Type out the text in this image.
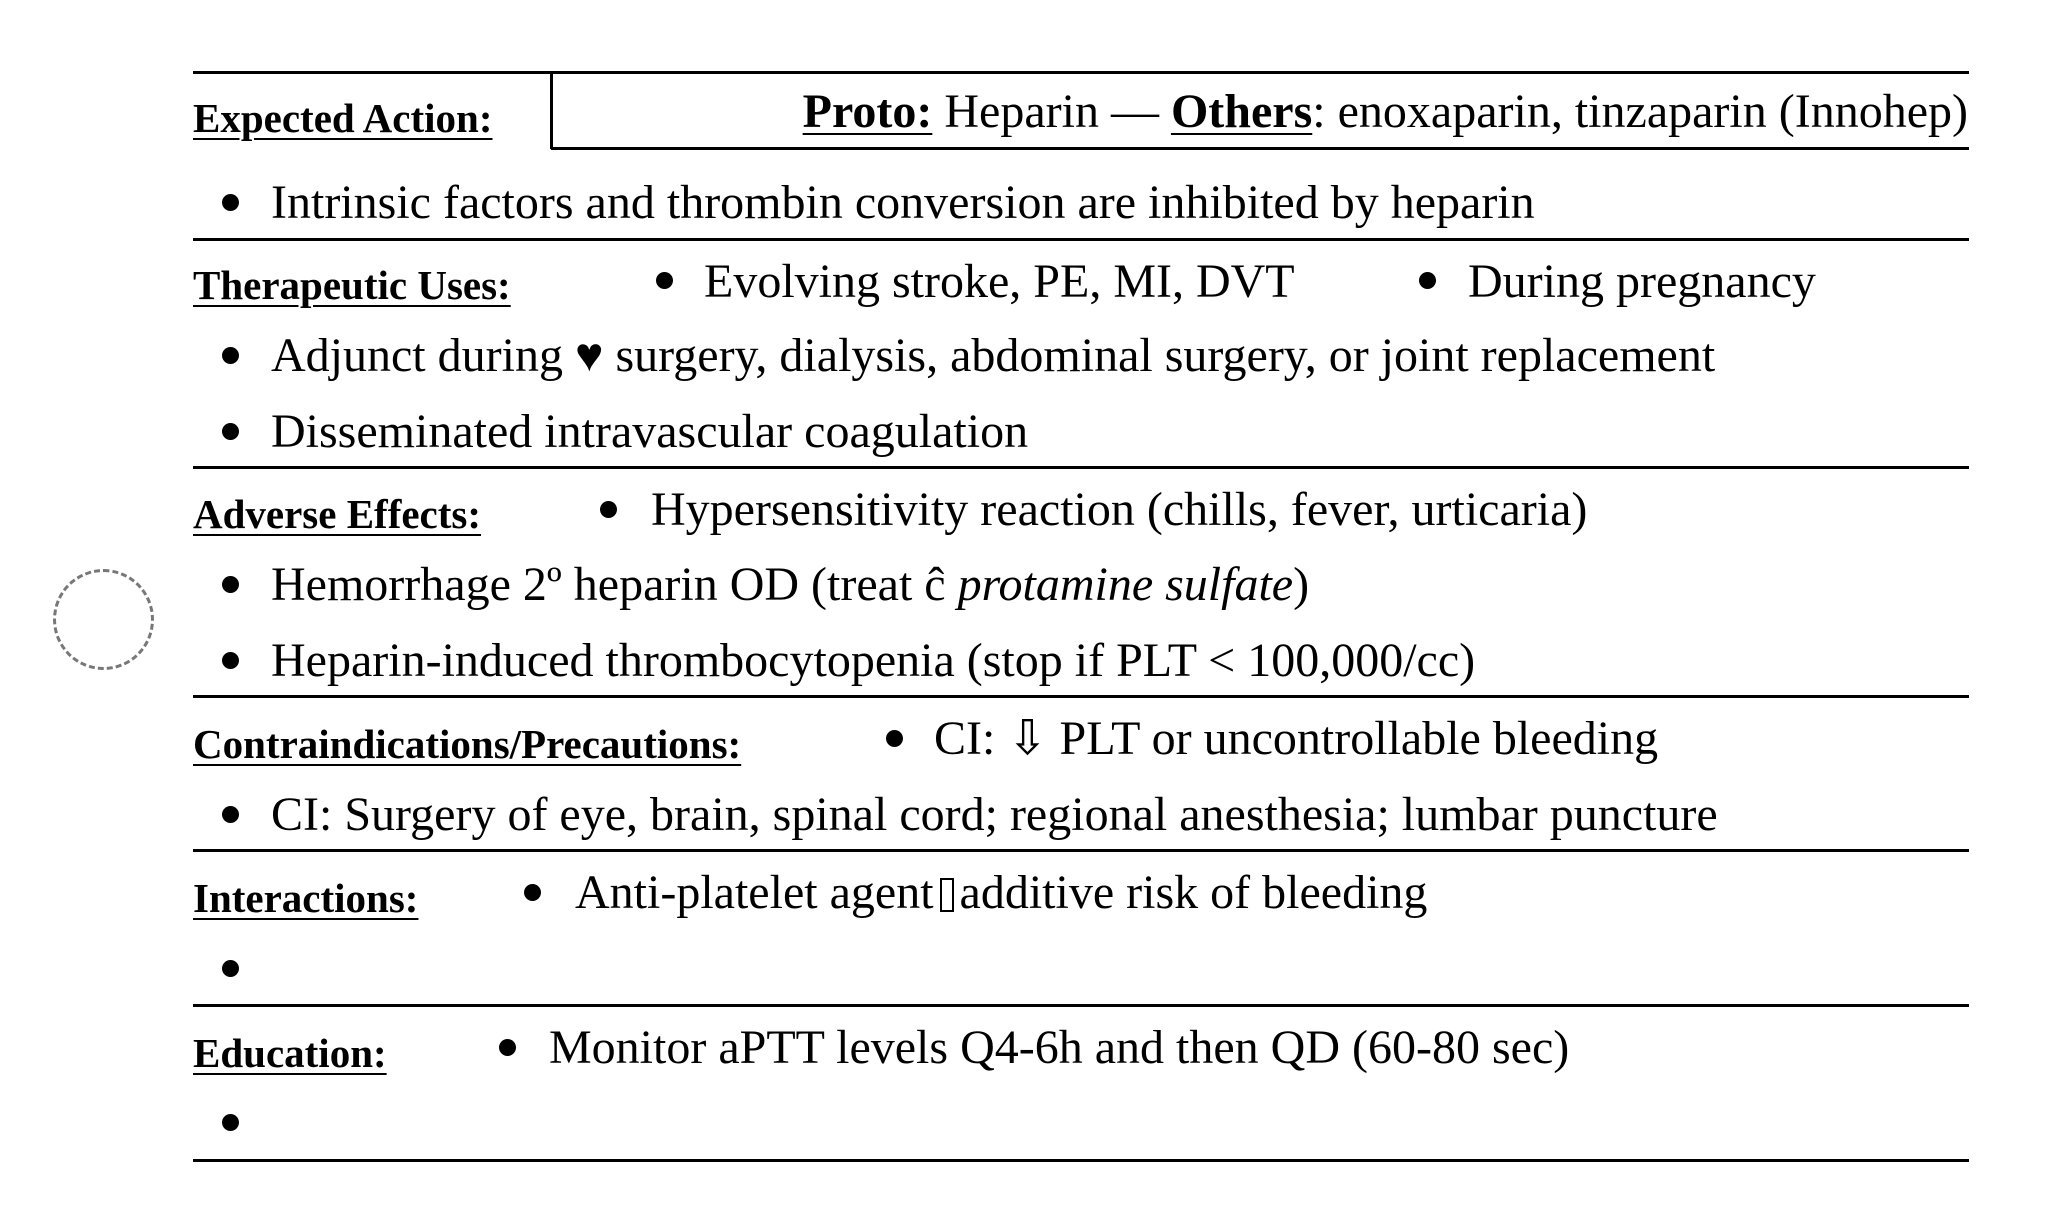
Expected Action:	Proto: Heparin — Others: enoxaparin, tinzaparin (Innohep)
Intrinsic factors and thrombin conversion are inhibited by heparin
Therapeutic Uses:	Evolving stroke, PE, MI, DVT	During pregnancy
Adjunct during ♥ surgery, dialysis, abdominal surgery, or joint replacement
Disseminated intravascular coagulation
Adverse Effects:	Hypersensitivity reaction (chills, fever, urticaria)
Hemorrhage 2º heparin OD (treat ĉ protamine sulfate)
Heparin-induced thrombocytopenia (stop if PLT < 100,000/cc)
Contraindications/Precautions:	CI: ⇩ PLT or uncontrollable bleeding
CI: Surgery of eye, brain, spinal cord; regional anesthesia; lumbar puncture
Interactions:	Anti-platelet agent additive risk of bleeding
Education:	Monitor aPTT levels Q4-6h and then QD (60-80 sec)
